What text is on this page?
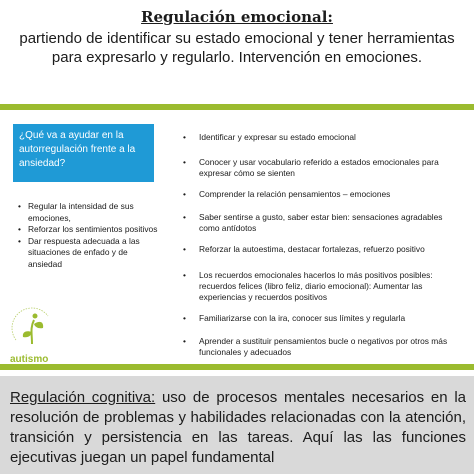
Regulación emocional:
partiendo de identificar su estado emocional y tener herramientas para expresarlo y regularlo. Intervención en emociones.
¿Qué va a ayudar en la autorregulación frente a la ansiedad?
• Regular la intensidad de sus emociones,
• Reforzar los sentimientos positivos
• Dar respuesta adecuada a las situaciones de enfado y de ansiedad
autismo
• Identificar y expresar su estado emocional
• Conocer y usar vocabulario referido a estados emocionales para expresar cómo se sienten
• Comprender la relación pensamientos – emociones
• Saber sentirse a gusto, saber estar bien: sensaciones agradables como antídotos
• Reforzar la autoestima, destacar fortalezas, refuerzo positivo
• Los recuerdos emocionales hacerlos lo más positivos posibles: recuerdos felices (libro feliz, diario emocional): Aumentar las experiencias y recuerdos positivos
• Familiarizarse con la ira, conocer sus límites y regularla
• Aprender a sustituir pensamientos bucle o negativos por otros más funcionales y adecuados
Regulación cognitiva: uso de procesos mentales necesarios en la resolución de problemas y habilidades relacionadas con la atención, transición y persistencia en las tareas. Aquí las las funciones ejecutivas juegan un papel fundamental
